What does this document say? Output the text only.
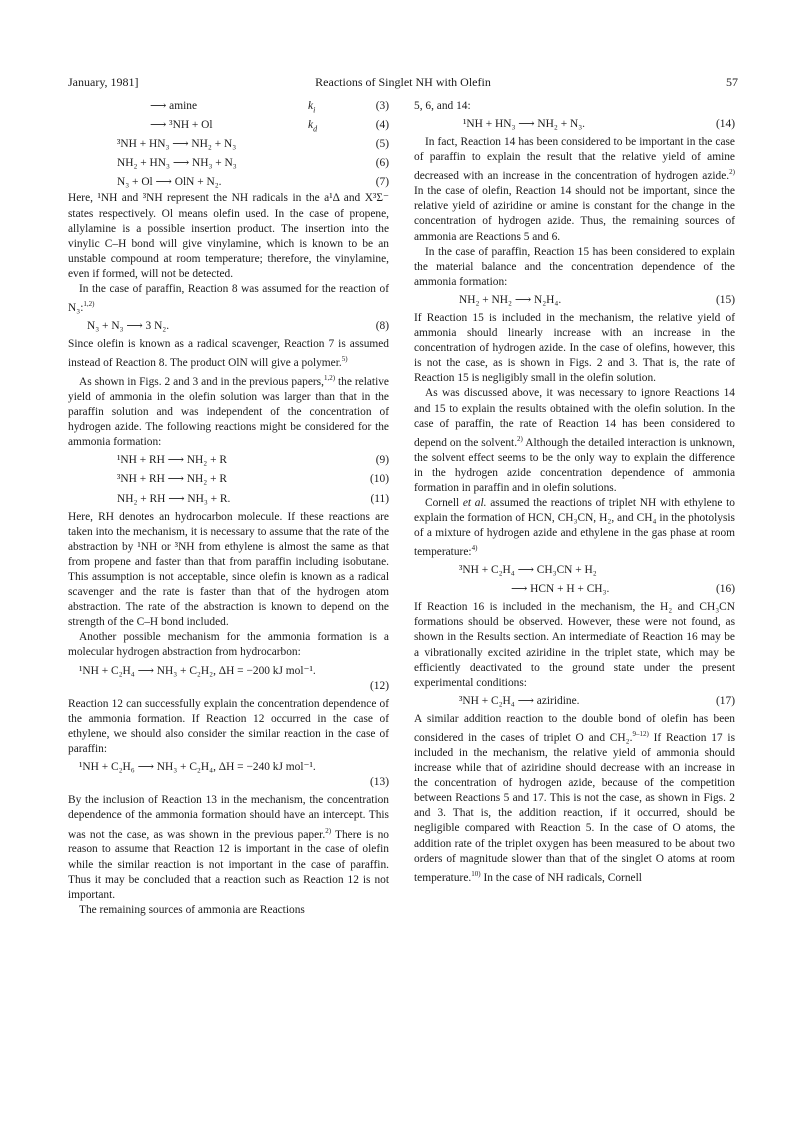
January, 1981]	Reactions of Singlet NH with Olefin	57
⟶ amine	$k_i$	(3)
⟶ ³NH + Ol	$k_d$	(4)
³NH + HN₃ ⟶ NH₂ + N₃	(5)
NH₂ + HN₃ ⟶ NH₃ + N₃	(6)
N₃ + Ol ⟶ OlN + N₂.	(7)

Here, ¹NH and ³NH represent the NH radicals in the a¹Δ and X³Σ⁻ states respectively. Ol means olefin used. In the case of propene, allylamine is a possible insertion product. The insertion into the vinylic C–H bond will give vinylamine, which is known to be an unstable compound at room temperature; therefore, the vinylamine, even if formed, will not be detected.

In the case of paraffin, Reaction 8 was assumed for the reaction of N₃:$^{1,2)}$

N₃ + N₃ ⟶ 3 N₂.	(8)

Since olefin is known as a radical scavenger, Reaction 7 is assumed instead of Reaction 8. The product OlN will give a polymer.$^{5)}$

As shown in Figs. 2 and 3 and in the previous papers,$^{1,2)}$ the relative yield of ammonia in the olefin solution was larger than that in the paraffin solution and was independent of the concentration of hydrogen azide. The following reactions might be considered for the ammonia formation:

¹NH + RH ⟶ NH₂ + R	(9)
³NH + RH ⟶ NH₂ + R	(10)
NH₂ + RH ⟶ NH₃ + R.	(11)

Here, RH denotes an hydrocarbon molecule. If these reactions are taken into the mechanism, it is necessary to assume that the rate of the abstraction by ¹NH or ³NH from ethylene is almost the same as that from propene and faster than that from paraffin including isobutane. This assumption is not acceptable, since olefin is known as a radical scavenger and the rate is faster than that of the hydrogen atom abstraction. The rate of the abstraction is known to depend on the strength of the C–H bond included.

Another possible mechanism for the ammonia formation is a molecular hydrogen abstraction from hydrocarbon:

¹NH + C₂H₄ ⟶ NH₃ + C₂H₂, ΔH = −200 kJ mol⁻¹.
(12)

Reaction 12 can successfully explain the concentration dependence of the ammonia formation. If Reaction 12 occurred in the case of ethylene, we should also consider the similar reaction in the case of paraffin:

¹NH + C₂H₆ ⟶ NH₃ + C₂H₄, ΔH = −240 kJ mol⁻¹.
(13)

By the inclusion of Reaction 13 in the mechanism, the concentration dependence of the ammonia formation should have an intercept. This was not the case, as was shown in the previous paper.$^{2)}$ There is no reason to assume that Reaction 12 is important in the case of olefin while the similar reaction is not important in the case of paraffin. Thus it may be concluded that a reaction such as Reaction 12 is not important.

The remaining sources of ammonia are Reactions

5, 6, and 14:

¹NH + HN₃ ⟶ NH₂ + N₃.	(14)

In fact, Reaction 14 has been considered to be important in the case of paraffin to explain the result that the relative yield of amine decreased with an increase in the concentration of hydrogen azide.$^{2)}$ In the case of olefin, Reaction 14 should not be important, since the relative yield of aziridine or amine is constant for the change in the concentration of hydrogen azide. Thus, the remaining sources of ammonia are Reactions 5 and 6.

In the case of paraffin, Reaction 15 has been considered to explain the material balance and the concentration dependence of the ammonia formation:

NH₂ + NH₂ ⟶ N₂H₄.	(15)

If Reaction 15 is included in the mechanism, the relative yield of ammonia should linearly increase with an increase in the concentration of hydrogen azide. In the case of olefins, however, this is not the case, as is shown in Figs. 2 and 3. That is, the rate of Reaction 15 is negligibly small in the olefin solution.

As was discussed above, it was necessary to ignore Reactions 14 and 15 to explain the results obtained with the olefin solution. In the case of paraffin, the rate of Reaction 14 has been considered to depend on the solvent.$^{2)}$ Although the detailed interaction is unknown, the solvent effect seems to be the only way to explain the difference in the hydrogen azide concentration dependence of ammonia formation in paraffin and in olefin solutions.

Cornell et al. assumed the reactions of triplet NH with ethylene to explain the formation of HCN, CH₃CN, H₂, and CH₄ in the photolysis of a mixture of hydrogen azide and ethylene in the gas phase at room temperature:$^{4)}$

³NH + C₂H₄ ⟶ CH₃CN + H₂
⟶ HCN + H + CH₃.	(16)

If Reaction 16 is included in the mechanism, the H₂ and CH₃CN formations should be observed. However, these were not found, as shown in the Results section. An intermediate of Reaction 16 may be a vibrationally excited aziridine in the triplet state, which may be efficiently deactivated to the ground state under the present experimental conditions:

³NH + C₂H₄ ⟶ aziridine.	(17)

A similar addition reaction to the double bond of olefin has been considered in the cases of triplet O and CH₂.$^{9-12)}$ If Reaction 17 is included in the mechanism, the relative yield of ammonia should increase while that of aziridine should decrease with an increase in the concentration of hydrogen azide, because of the competition between Reactions 5 and 17. This is not the case, as shown in Figs. 2 and 3. That is, the addition reaction, if it occurred, should be negligible compared with Reaction 5. In the case of O atoms, the addition rate of the triplet oxygen has been measured to be about two orders of magnitude slower than that of the singlet O atoms at room temperature.$^{10)}$ In the case of NH radicals, Cornell
